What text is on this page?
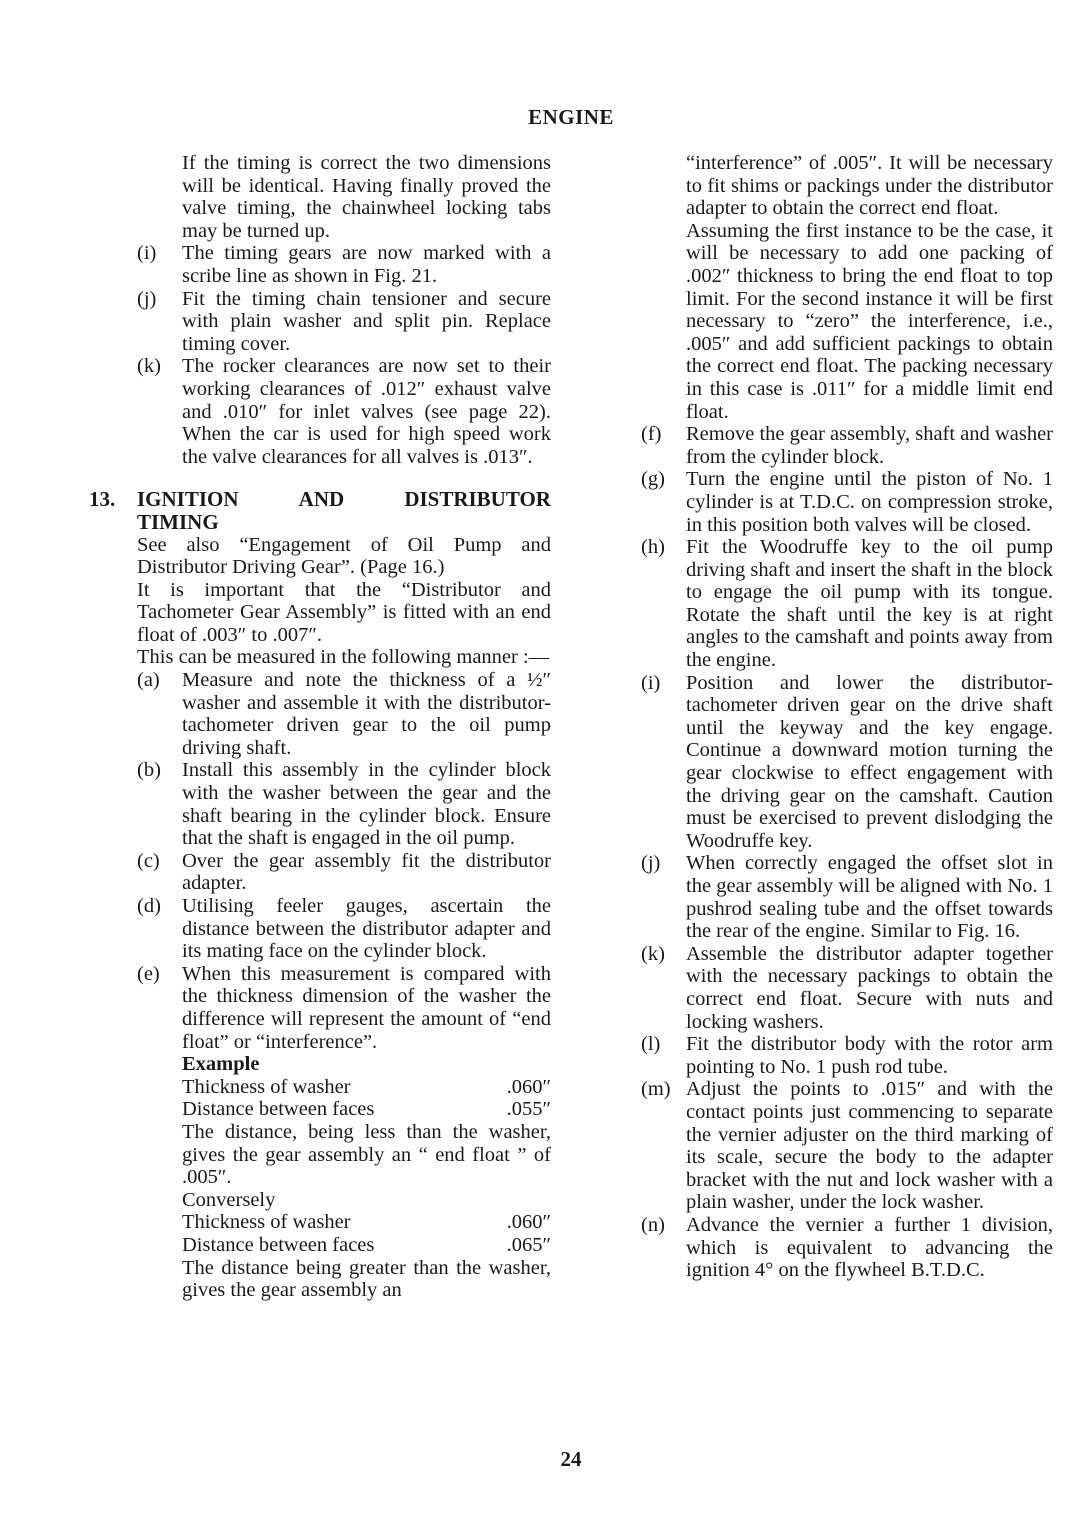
ENGINE

If the timing is correct the two dimensions will be identical. Having finally proved the valve timing, the chainwheel locking tabs may be turned up.

(i) The timing gears are now marked with a scribe line as shown in Fig. 21.
(j) Fit the timing chain tensioner and secure with plain washer and split pin. Replace timing cover.
(k) The rocker clearances are now set to their working clearances of .012″ exhaust valve and .010″ for inlet valves (see page 22). When the car is used for high speed work the valve clearances for all valves is .013″.
13. IGNITION	AND	DISTRIBUTOR
TIMING

See also “Engagement of Oil Pump and Distributor Driving Gear”. (Page 16.)

It is important that the “Distributor and Tachometer Gear Assembly” is fitted with an end float of .003″ to .007″.

This can be measured in the following manner :—

(a) Measure and note the thickness of a ½″ washer and assemble it with the distributor-tachometer driven gear to the oil pump driving shaft.
(b) Install this assembly in the cylinder block with the washer between the gear and the shaft bearing in the cylinder block. Ensure that the shaft is engaged in the oil pump.
(c) Over the gear assembly fit the distributor adapter.
(d) Utilising feeler gauges, ascertain the distance between the distributor adapter and its mating face on the cylinder block.
(e) When this measurement is compared with the thickness dimension of the washer the difference will represent the amount of “end float” or “interference”.
Example
Thickness of washer	.060″
Distance between faces	.055″

The distance, being less than the washer, gives the gear assembly an “ end float ” of .005″.

Conversely

Thickness of washer	.060″
Distance between faces	.065″

The distance being greater than the washer, gives the gear assembly an

“interference” of .005″. It will be necessary to fit shims or packings under the distributor adapter to obtain the correct end float.

Assuming the first instance to be the case, it will be necessary to add one packing of .002″ thickness to bring the end float to top limit. For the second instance it will be first necessary to “zero” the interference, i.e., .005″ and add sufficient packings to obtain the correct end float. The packing necessary in this case is .011″ for a middle limit end float.

(f) Remove the gear assembly, shaft and washer from the cylinder block.
(g) Turn the engine until the piston of No. 1 cylinder is at T.D.C. on compression stroke, in this position both valves will be closed.
(h) Fit the Woodruffe key to the oil pump driving shaft and insert the shaft in the block to engage the oil pump with its tongue. Rotate the shaft until the key is at right angles to the camshaft and points away from the engine.
(i) Position and lower the distributor-tachometer driven gear on the drive shaft until the keyway and the key engage. Continue a downward motion turning the gear clockwise to effect engagement with the driving gear on the camshaft. Caution must be exercised to prevent dislodging the Woodruffe key.
(j) When correctly engaged the offset slot in the gear assembly will be aligned with No. 1 pushrod sealing tube and the offset towards the rear of the engine. Similar to Fig. 16.
(k) Assemble the distributor adapter together with the necessary packings to obtain the correct end float. Secure with nuts and locking washers.
(l) Fit the distributor body with the rotor arm pointing to No. 1 push rod tube.
(m) Adjust the points to .015″ and with the contact points just commencing to separate the vernier adjuster on the third marking of its scale, secure the body to the adapter bracket with the nut and lock washer with a plain washer, under the lock washer.
(n) Advance the vernier a further 1 division, which is equivalent to advancing the ignition 4° on the flywheel B.T.D.C.
24
